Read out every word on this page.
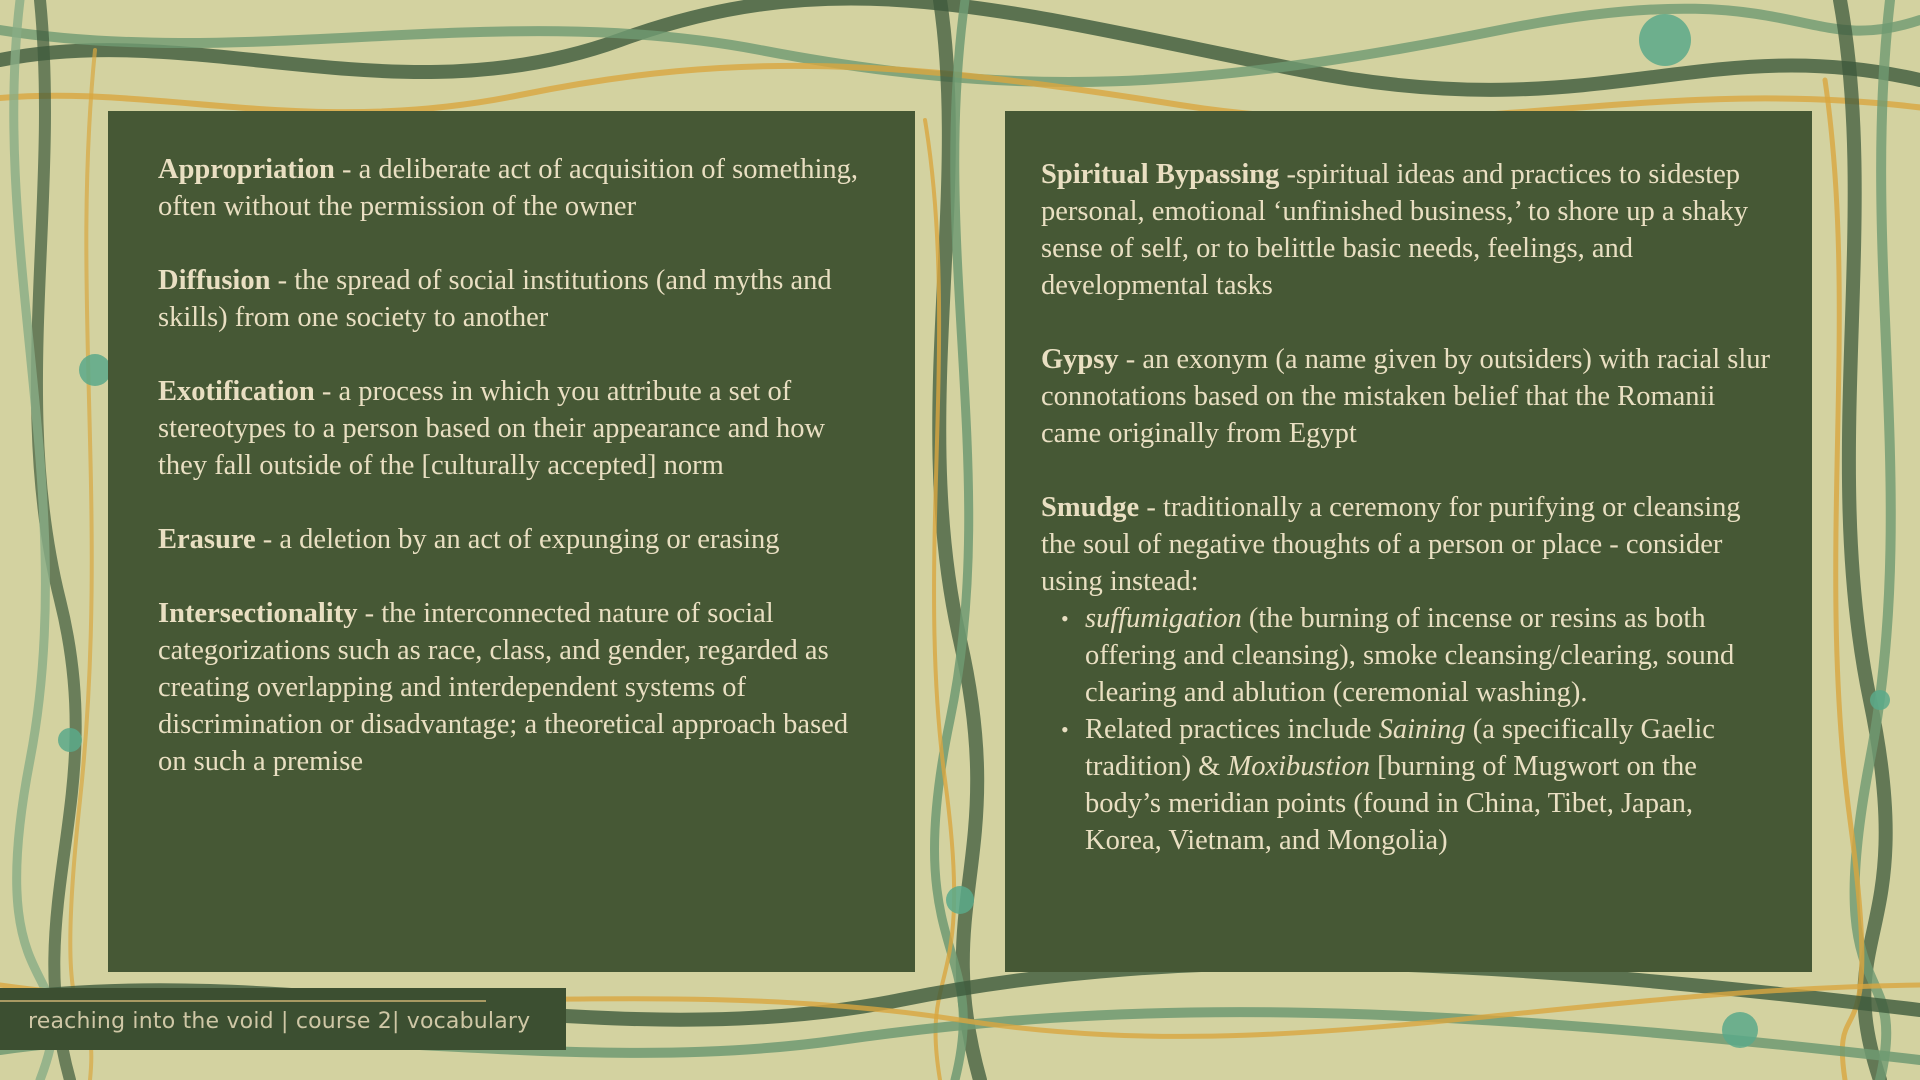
Appropriation - a deliberate act of acquisition of something, often without the permission of the owner

Diffusion - the spread of social institutions (and myths and skills) from one society to another

Exotification - a process in which you attribute a set of stereotypes to a person based on their appearance and how they fall outside of the [culturally accepted] norm

Erasure - a deletion by an act of expunging or erasing

Intersectionality - the interconnected nature of social categorizations such as race, class, and gender, regarded as creating overlapping and interdependent systems of discrimination or disadvantage; a theoretical approach based on such a premise

Spiritual Bypassing -spiritual ideas and practices to sidestep personal, emotional ‘unfinished business,’ to shore up a shaky sense of self, or to belittle basic needs, feelings, and developmental tasks

Gypsy - an exonym (a name given by outsiders) with racial slur connotations based on the mistaken belief that the Romanii came originally from Egypt

Smudge - traditionally a ceremony for purifying or cleansing the soul of negative thoughts of a person or place - consider using instead:
• suffumigation (the burning of incense or resins as both offering and cleansing), smoke cleansing/clearing, sound clearing and ablution (ceremonial washing).
• Related practices include Saining (a specifically Gaelic tradition) & Moxibustion [burning of Mugwort on the body’s meridian points (found in China, Tibet, Japan, Korea, Vietnam, and Mongolia)
reaching into the void | course 2| vocabulary
